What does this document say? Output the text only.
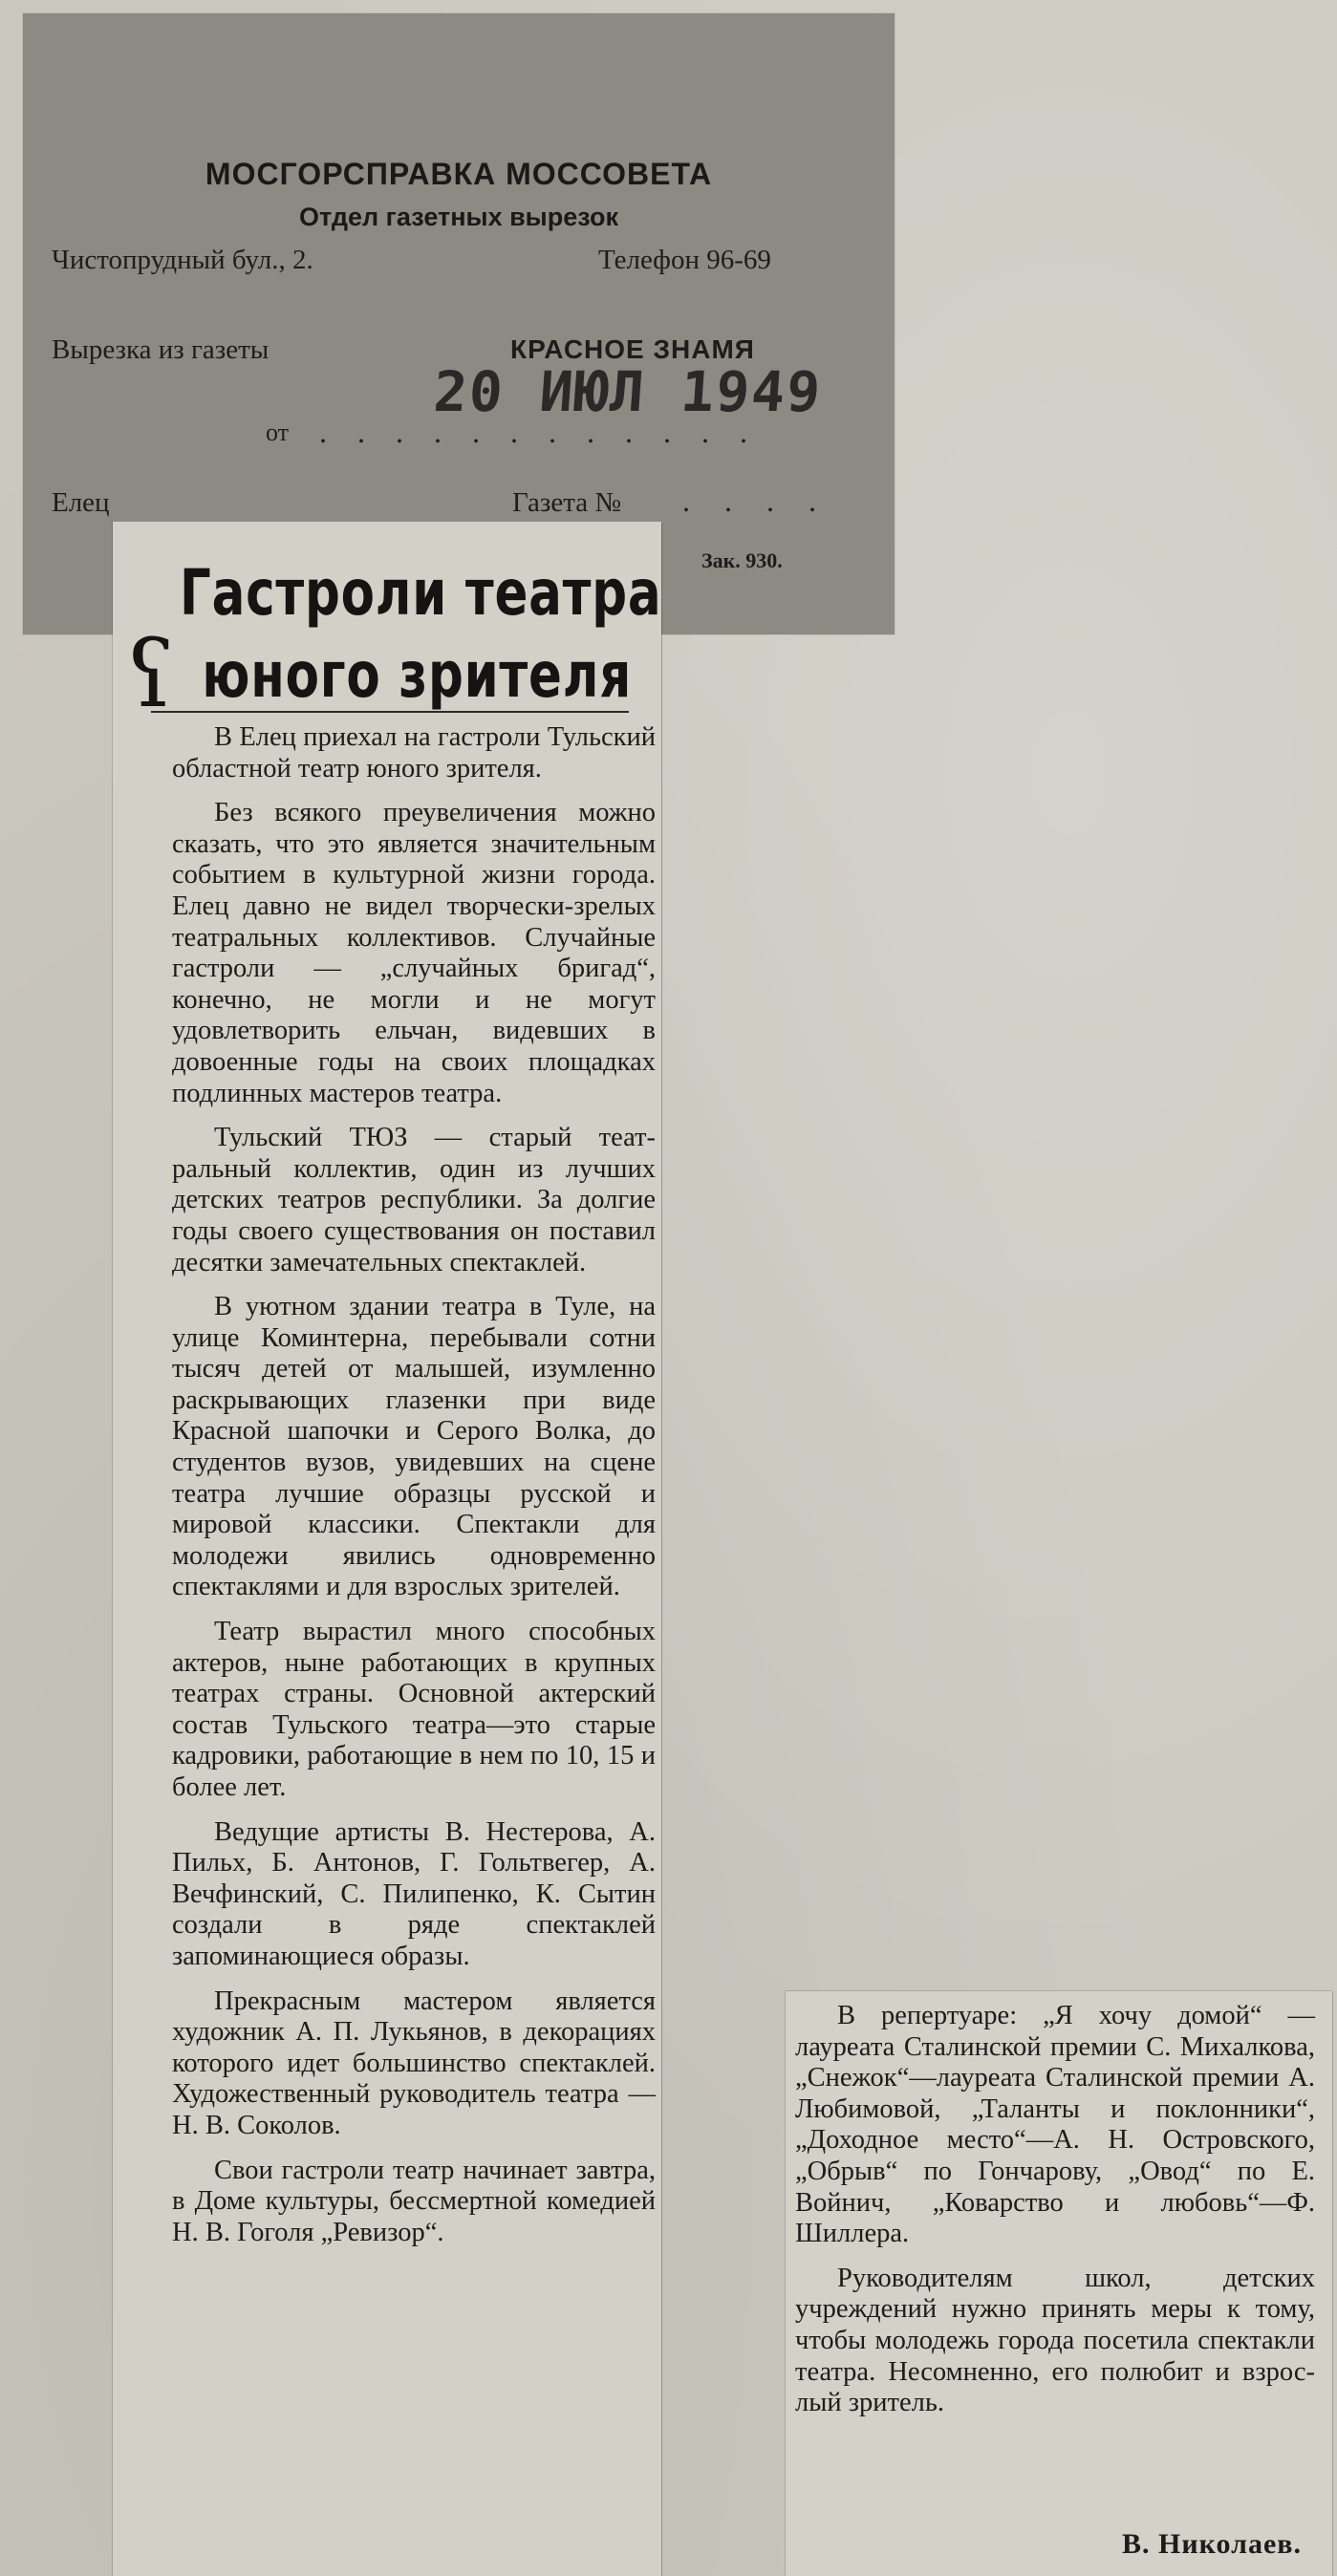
МОСГОРСПРАВКА МОССОВЕТА
Отдел газетных вырезок
Чистопрудный бул., 2.	Телефон 96-69
Вырезка из газеты	КРАСНОЕ ЗНАМЯ
20 ИЮЛ 1949
от . . . . . . . . . . . .
Елец	Газета № . . . .
Зак. 930.
ʕ
Гастроли театра
юного зрителя

В Елец приехал на гастроли Тульский областной театр юного зрителя.

Без всякого преувеличения можно сказать, что это является значительным событием в культурной жизни города. Елец давно не видел творчески-зрелых театральных коллективов. Случайные гастроли — „случайных бригад“, конечно, не могли и не могут удовлетворить ельчан, видевших в довоенные годы на своих площадках подлинных мастеров театра.

Тульский ТЮЗ — старый театральный коллектив, один из лучших детских театров республики. За долгие годы своего существования он поставил десятки замечательных спектаклей.

В уютном здании театра в Туле, на улице Коминтерна, перебывали сотни тысяч детей от малышей, изумленно раскрывающих глазенки при виде Красной шапочки и Серого Волка, до студентов вузов, увидевших на сцене театра лучшие образцы русской и мировой классики. Спектакли для молодежи явились одновременно спектаклями и для взрослых зрителей.

Театр вырастил много способных актеров, ныне работающих в крупных театрах страны. Основной актерский состав Тульского театра—это старые кадровики, работающие в нем по 10, 15 и более лет.

Ведущие артисты В. Нестерова, А. Пильх, Б. Антонов, Г. Гольтвегер, А. Вечфинский, С. Пилипенко, К. Сытин создали в ряде спектаклей запоминающиеся образы.

Прекрасным мастером является художник А. П. Лукьянов, в декорациях которого идет большинство спектаклей. Художественный руководитель театра — Н. В. Соколов.

Свои гастроли театр начинает завтра, в Доме культуры, бессмертной комедией Н. В. Гоголя „Ревизор“.

В репертуаре: „Я хочу домой“ —лауреата Сталинской премии С. Михалкова, „Снежок“—лауреата Сталинской премии А. Любимовой, „Таланты и поклонники“, „Доходное место“—А. Н. Островского, „Обрыв“ по Гончарову, „Овод“ по Е. Войнич, „Коварство и любовь“—Ф. Шиллера.

Руководителям школ, детских учреждений нужно принять меры к тому, чтобы молодежь города посетила спектакли театра. Несомненно, его полюбит и взрослый зритель.

В. Николаев.
